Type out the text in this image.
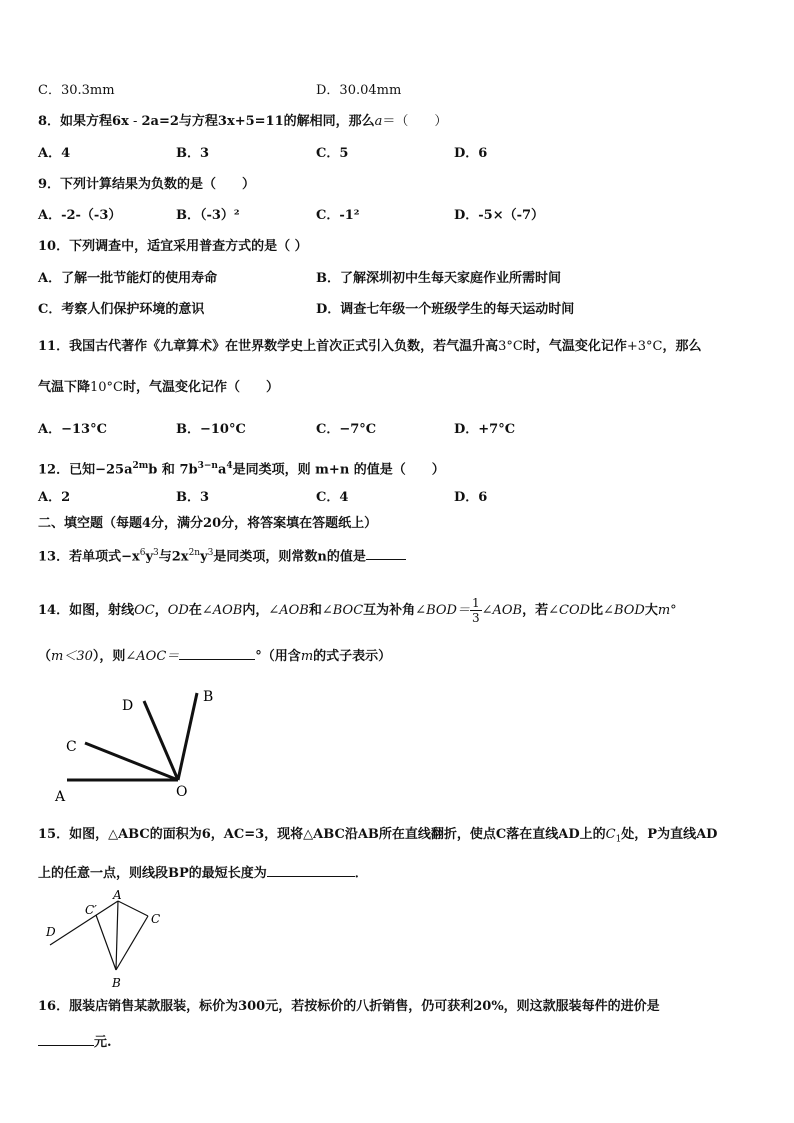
C．30.3mm	D．30.04mm
8．如果方程6x - 2a=2与方程3x+5=11的解相同，那么a＝（　　）
A．4	B．3	C．5	D．6
9．下列计算结果为负数的是（　　）
A．-2-（-3）	B．（-3）²	C．-1²	D．-5×（-7）
10．下列调查中，适宜采用普查方式的是（ ）
A．了解一批节能灯的使用寿命	B．了解深圳初中生每天家庭作业所需时间
C．考察人们保护环境的意识	D．调查七年级一个班级学生的每天运动时间
11．我国古代著作《九章算术》在世界数学史上首次正式引入负数，若气温升高3°C时，气温变化记作+3°C，那么
气温下降10°C时，气温变化记作（　　）
A．−13°C	B．−10°C	C．−7°C	D．+7°C
12．已知$-25a^{2m}b$ 和 $7b^{3-n}a^4$是同类项，则 m+n 的值是（　　）
A．2	B．3	C．4	D．6
二、填空题（每题4分，满分20分，将答案填在答题纸上）
13．若单项式$-x^6y^3$与$2x^{2n}y^3$是同类项，则常数n的值是
14．如图，射线OC，OD在∠AOB内，∠AOB和∠BOC互为补角∠BOD＝ $\frac{1}{3}$ ∠AOB，若∠COD比∠BOD大m°
（m＜30），则∠AOC＝	°（用含m的式子表示）
A
B
C
D
O
15．如图，△ABC的面积为6，AC=3，现将△ABC沿AB所在直线翻折，使点C落在直线AD上的$C_1$处，P为直线AD
上的任意一点，则线段BP的最短长度为	．
A
B
C
C′
D
16．服装店销售某款服装，标价为300元，若按标价的八折销售，仍可获利20%，则这款服装每件的进价是
元.
